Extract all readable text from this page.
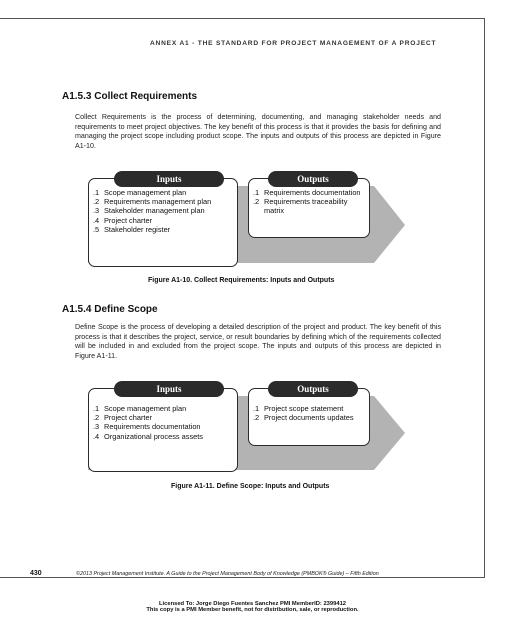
ANNEX A1 - THE STANDARD FOR PROJECT MANAGEMENT OF A PROJECT
A1.5.3 Collect Requirements
Collect Requirements is the process of determining, documenting, and managing stakeholder needs and requirements to meet project objectives. The key benefit of this process is that it provides the basis for defining and managing the project scope including product scope. The inputs and outputs of this process are depicted in Figure A1-10.
Inputs
.1 Scope management plan
.2 Requirements management plan
.3 Stakeholder management plan
.4 Project charter
.5 Stakeholder register
Outputs
.1 Requirements documentation
.2 Requirements traceability matrix
Figure A1-10. Collect Requirements: Inputs and Outputs
A1.5.4 Define Scope
Define Scope is the process of developing a detailed description of the project and product. The key benefit of this process is that it describes the project, service, or result boundaries by defining which of the requirements collected will be included in and excluded from the project scope. The inputs and outputs of this process are depicted in Figure A1-11.
Inputs
.1 Scope management plan
.2 Project charter
.3 Requirements documentation
.4 Organizational process assets
Outputs
.1 Project scope statement
.2 Project documents updates
Figure A1-11. Define Scope: Inputs and Outputs
430	©2013 Project Management Institute. A Guide to the Project Management Body of Knowledge (PMBOK® Guide) – Fifth Edition
Licensed To: Jorge Diego Fuentes Sanchez PMI MemberID: 2399412
This copy is a PMI Member benefit, not for distribution, sale, or reproduction.
